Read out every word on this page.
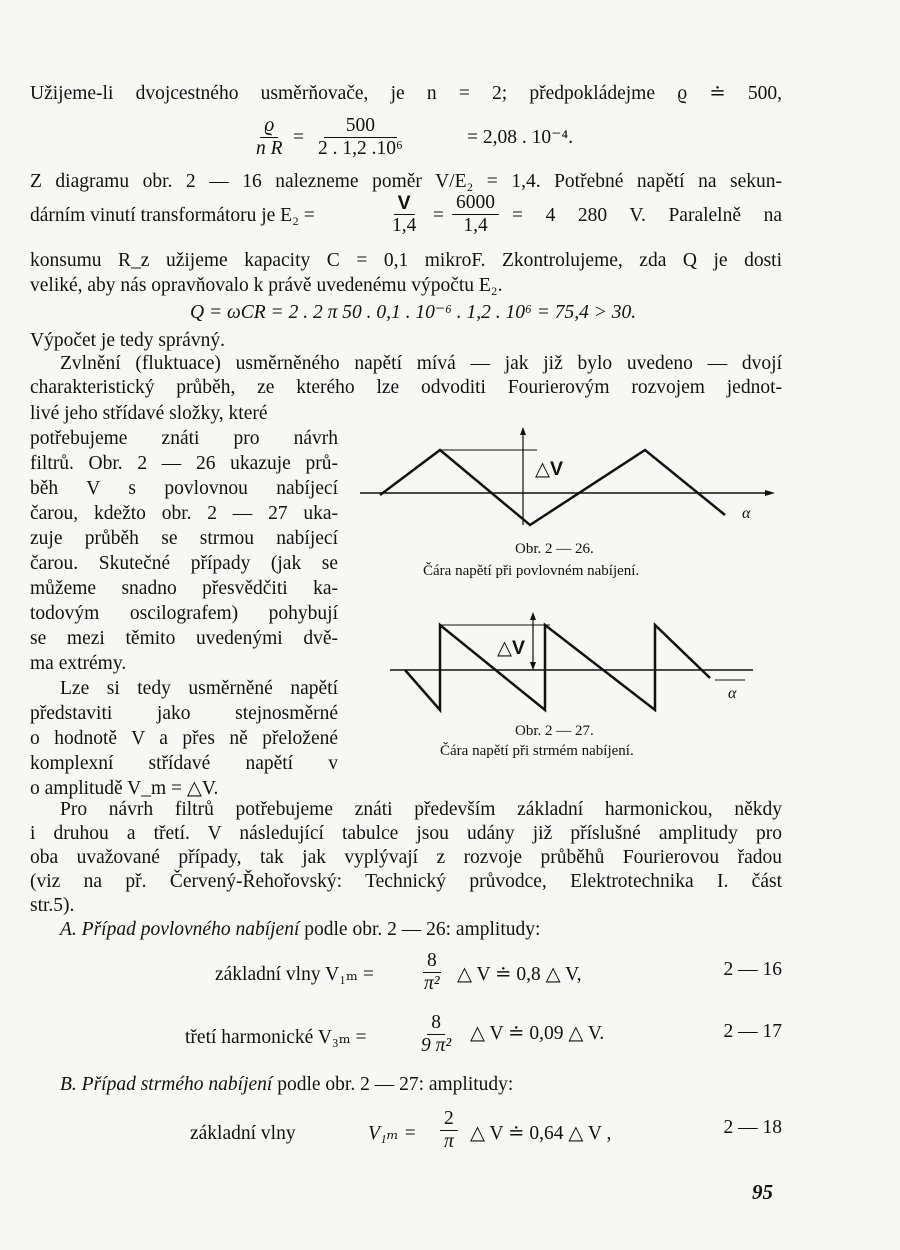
Užijeme-li dvojcestného usměrňovače, je n = 2; předpokládejme ϱ ≐ 500,
$\frac{ϱ}{\text{n R}} = \frac{500}{\text{2 . 1,2 .10⁶}}$	= 2,08 . 10⁻⁴.
Z diagramu obr. 2 — 16 nalezneme poměr V/E₂ = 1,4. Potřebné napětí na sekun-
dárním vinutí transformátoru je E₂ =	$\frac{V}{1,4} = \frac{6000}{1,4} = 4$ 280 V. Paralelně na
konsumu R_z užijeme kapacity C = 0,1 mikroF. Zkontrolujeme, zda Q je dosti
veliké, aby nás opravňovalo k právě uvedenému výpočtu E₂.
Q = ωCR = 2 . 2 π 50 . 0,1 . 10⁻⁶ . 1,2 . 10⁶ = 75,4 > 30.
Výpočet je tedy správný.
Zvlnění (fluktuace) usměrněného napětí mívá — jak již bylo uvedeno — dvojí
charakteristický průběh, ze kterého lze odvoditi Fourierovým rozvojem jednot-
livé jeho střídavé složky, které
potřebujeme znáti pro návrh
filtrů. Obr. 2 — 26 ukazuje prů-
běh V s povlovnou nabíjecí
čarou, kdežto obr. 2 — 27 uka-
zuje průběh se strmou nabíjecí
čarou. Skutečné případy (jak se
můžeme snadno přesvědčiti ka-
todovým oscilografem) pohybují
se mezi těmito uvedenými dvě-
ma extrémy.
Lze si tedy usměrněné napětí
představiti jako stejnosměrné
o hodnotě V a přes ně přeložené
komplexní střídavé napětí v
o amplitudě V_m = △V.
△V
α
Obr. 2 — 26.
Čára napětí při povlovném nabíjení.
△V
α
Obr. 2 — 27.
Čára napětí při strmém nabíjení.
Pro návrh filtrů potřebujeme znáti především základní harmonickou, někdy
i druhou a třetí. V následující tabulce jsou udány již příslušné amplitudy pro
oba uvažované případy, tak jak vyplývají z rozvoje průběhů Fourierovou řadou
(viz na př. Červený-Řehořovský: Technický průvodce, Elektrotechnika I. část
str.5).
A. Případ povlovného nabíjení podle obr. 2 — 26: amplitudy:
základní vlny $V_{1m} = \frac{8}{\text{π²}}$ △ V ≐ 0,8 △ V,	2 — 16
třetí harmonické V₃ₘ =	$\frac{8}{\text{9 π²}}$ △ V ≐ 0,09 △ V.	2 — 17
B. Případ strmého nabíjení podle obr. 2 — 27: amplitudy:
základní vlny	$V_{1m} = \frac{2}{\pi}$ △ V ≐ 0,64 △ V ,	2 — 18
95
